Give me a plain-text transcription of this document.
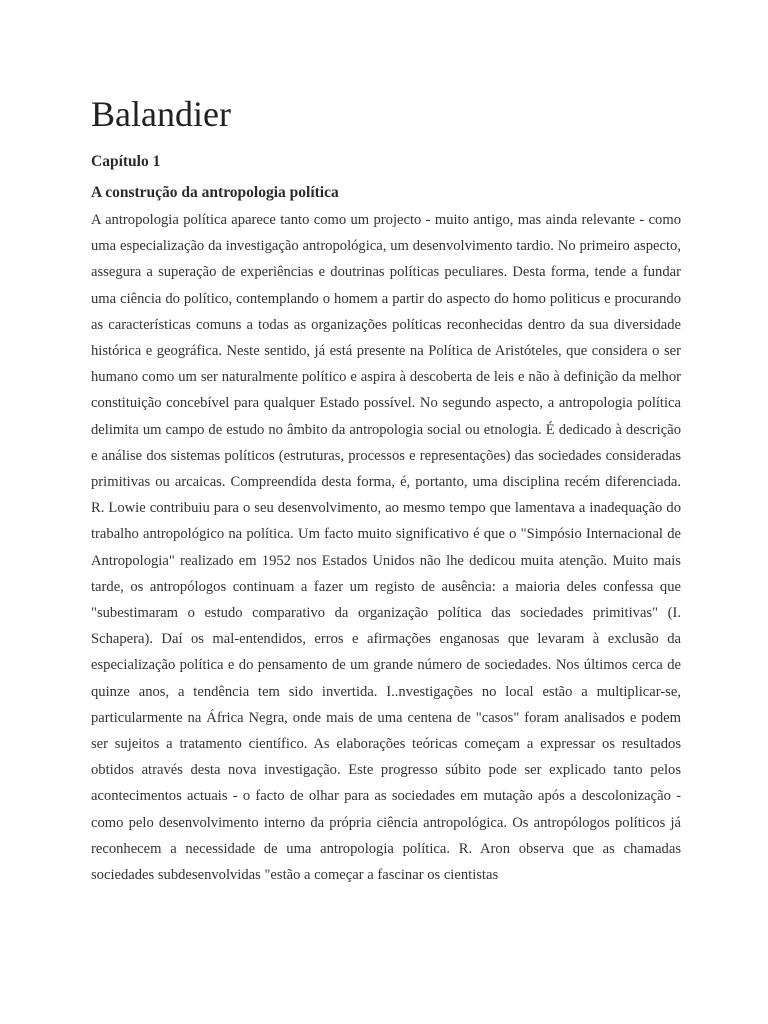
Balandier
Capítulo 1
A construção da antropologia política

A antropologia política aparece tanto como um projecto - muito antigo, mas ainda relevante - como uma especialização da investigação antropológica, um desenvolvimento tardio. No primeiro aspecto, assegura a superação de experiências e doutrinas políticas peculiares. Desta forma, tende a fundar uma ciência do político, contemplando o homem a partir do aspecto do homo politicus e procurando as características comuns a todas as organizações políticas reconhecidas dentro da sua diversidade histórica e geográfica. Neste sentido, já está presente na Política de Aristóteles, que considera o ser humano como um ser naturalmente político e aspira à descoberta de leis e não à definição da melhor constituição concebível para qualquer Estado possível. No segundo aspecto, a antropologia política delimita um campo de estudo no âmbito da antropologia social ou etnologia. É dedicado à descrição e análise dos sistemas políticos (estruturas, processos e representações) das sociedades consideradas primitivas ou arcaicas. Compreendida desta forma, é, portanto, uma disciplina recém diferenciada. R. Lowie contribuiu para o seu desenvolvimento, ao mesmo tempo que lamentava a inadequação do trabalho antropológico na política. Um facto muito significativo é que o "Simpósio Internacional de Antropologia" realizado em 1952 nos Estados Unidos não lhe dedicou muita atenção. Muito mais tarde, os antropólogos continuam a fazer um registo de ausência: a maioria deles confessa que "subestimaram o estudo comparativo da organização política das sociedades primitivas" (I. Schapera). Daí os mal-entendidos, erros e afirmações enganosas que levaram à exclusão da especialização política e do pensamento de um grande número de sociedades. Nos últimos cerca de quinze anos, a tendência tem sido invertida. I..nvestigações no local estão a multiplicar-se, particularmente na África Negra, onde mais de uma centena de "casos" foram analisados e podem ser sujeitos a tratamento científico. As elaborações teóricas começam a expressar os resultados obtidos através desta nova investigação. Este progresso súbito pode ser explicado tanto pelos acontecimentos actuais - o facto de olhar para as sociedades em mutação após a descolonização - como pelo desenvolvimento interno da própria ciência antropológica. Os antropólogos políticos já reconhecem a necessidade de uma antropologia política. R. Aron observa que as chamadas sociedades subdesenvolvidas "estão a começar a fascinar os cientistas
